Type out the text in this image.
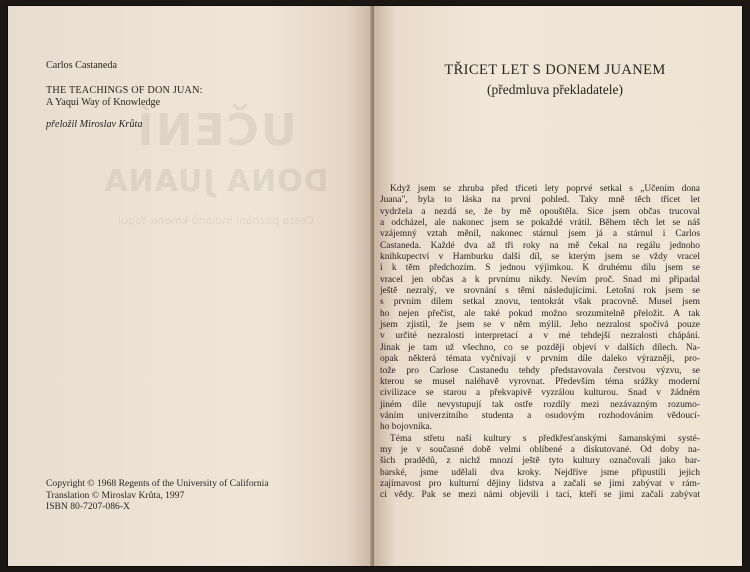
UČENÍ
DONA JUANA
Cesta poznání indiánů kmene Yaqui
Carlos Castaneda
THE TEACHINGS OF DON JUAN:
A Yaqui Way of Knowledge
přeložil Miroslav Krůta
Copyright © 1968 Regents of the University of California
Translation © Miroslav Krůta, 1997
ISBN 80-7207-086-X
TŘICET LET S DONEM JUANEM
(předmluva překladatele)
Když jsem se zhruba před třiceti lety poprvé setkal s „Učením dona
Juana", byla to láska na první pohled. Taky mně těch třicet let
vydržela a nezdá se, že by mě opouštěla. Sice jsem občas trucoval
a odcházel, ale nakonec jsem se pokaždé vrátil. Během těch let se náš
vzájemný vztah měnil, nakonec stárnul jsem já a stárnul i Carlos
Castaneda. Každé dva až tři roky na mě čekal na regálu jednoho
knihkupectví v Hamburku další díl, se kterým jsem se vždy vracel
i k těm předchozím. S jednou výjimkou. K druhému dílu jsem se
vracel jen občas a k prvnímu nikdy. Nevím proč. Snad mi připadal
ještě nezralý, ve srovnání s těmi následujícími. Letošní rok jsem se
s prvním dílem setkal znovu, tentokrát však pracovně. Musel jsem
ho nejen přečíst, ale také pokud možno srozumitelně přeložit. A tak
jsem zjistil, že jsem se v něm mýlil. Jeho nezralost spočívá pouze
v určité nezralosti interpretací a v mé tehdejší nezralosti chápání.
Jinak je tam už všechno, co se později objeví v dalších dílech. Na-
opak některá témata vyčnívají v prvním díle daleko výrazněji, pro-
tože pro Carlose Castanedu tehdy představovala čerstvou výzvu, se
kterou se musel naléhavě vyrovnat. Především téma srážky moderní
civilizace se starou a překvapivě vyzrálou kulturou. Snad v žádném
jiném díle nevystupují tak ostře rozdíly mezi nezávazným rozumo-
váním univerzitního studenta a osudovým rozhodováním vědoucí-
ho bojovníka.
Téma střetu naší kultury s předkřesťanskými šamanskými systé-
my je v současné době velmi oblíbené a diskutované. Od doby na-
šich pradědů, z nichž mnozí ještě tyto kultury označovali jako bar-
barské, jsme udělali dva kroky. Nejdříve jsme připustili jejich
zajímavost pro kulturní dějiny lidstva a začali se jimi zabývat v rám-
ci vědy. Pak se mezi námi objevili i tací, kteří se jimi začali zabývat
